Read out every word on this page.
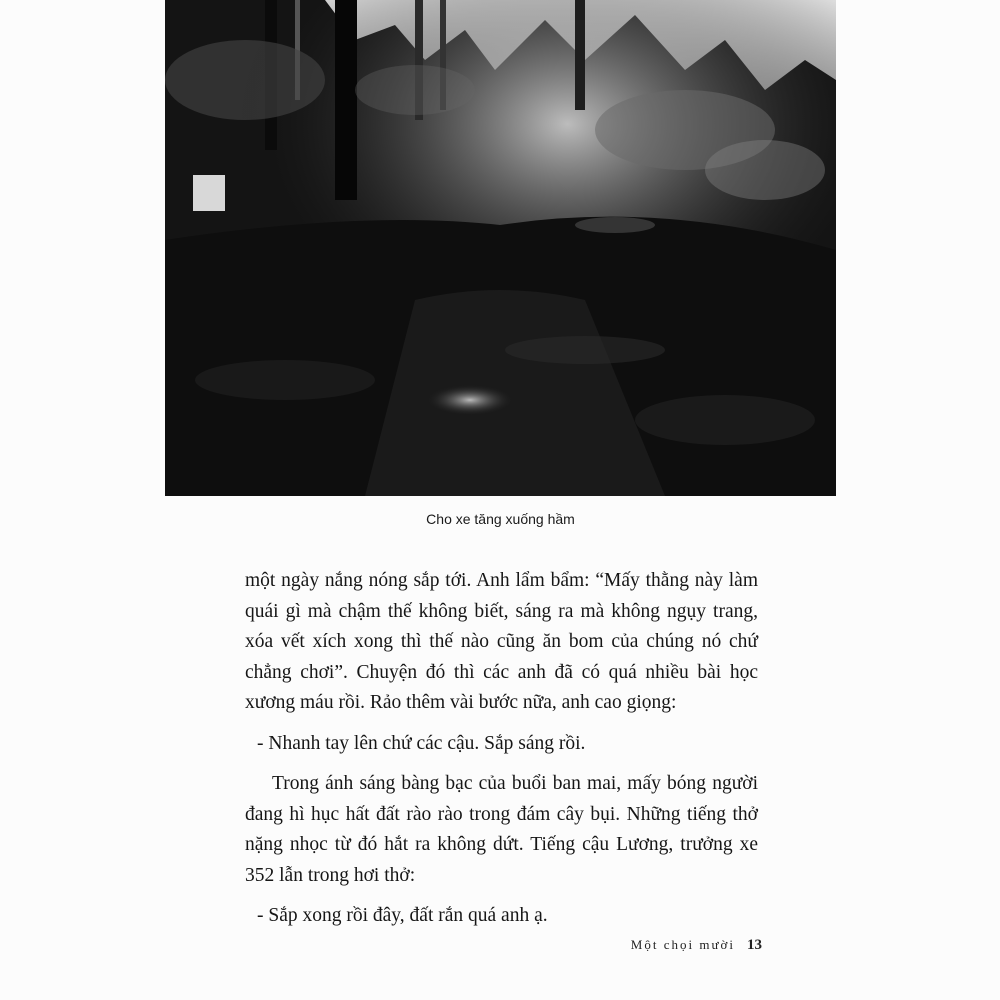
Cho xe tăng xuống hầm

một ngày nắng nóng sắp tới. Anh lẩm bẩm: “Mấy thằng này làm quái gì mà chậm thế không biết, sáng ra mà không ngụy trang, xóa vết xích xong thì thế nào cũng ăn bom của chúng nó chứ chẳng chơi”. Chuyện đó thì các anh đã có quá nhiều bài học xương máu rồi. Rảo thêm vài bước nữa, anh cao giọng:

- Nhanh tay lên chứ các cậu. Sắp sáng rồi.

Trong ánh sáng bàng bạc của buổi ban mai, mấy bóng người đang hì hục hất đất rào rào trong đám cây bụi. Những tiếng thở nặng nhọc từ đó hắt ra không dứt. Tiếng cậu Lương, trưởng xe 352 lẫn trong hơi thở:

- Sắp xong rồi đây, đất rắn quá anh ạ.

Một chọi mười 13
